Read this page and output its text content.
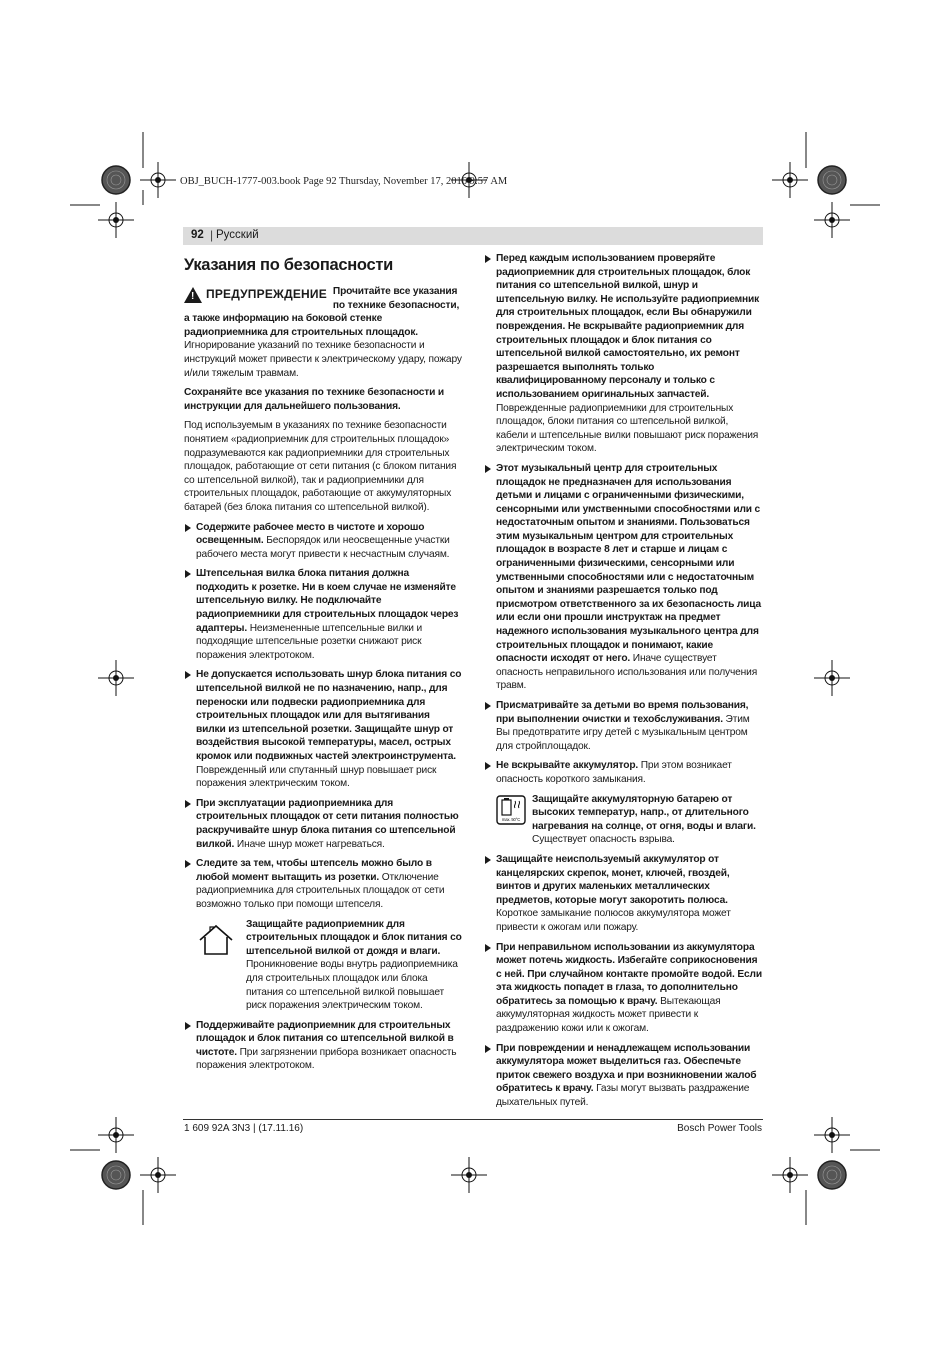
OBJ_BUCH-1777-003.book Page 92 Thursday, November 17, 2016 9:57 AM
92 | Русский
Указания по безопасности
! ПРЕДУПРЕЖДЕНИЕ Прочитайте все указания по технике безопасности, а также информацию на боковой стенке радиоприемника для строительных площадок. Игнорирование указаний по технике безопасности и инструкций может привести к электрическому удару, пожару и/или тяжелым травмам.

Сохраняйте все указания по технике безопасности и инструкции для дальнейшего пользования.

Под используемым в указаниях по технике безопасности понятием «радиоприемник для строительных площадок» подразумеваются как радиоприемники для строительных площадок, работающие от сети питания (с блоком питания со штепсельной вилкой), так и радиоприемники для строительных площадок, работающие от аккумуляторных батарей (без блока питания со штепсельной вилкой).

Содержите рабочее место в чистоте и хорошо освещенным. Беспорядок или неосвещенные участки рабочего места могут привести к несчастным случаям.
Штепсельная вилка блока питания должна подходить к розетке. Ни в коем случае не изменяйте штепсельную вилку. Не подключайте радиоприемники для строительных площадок через адаптеры. Неизмененные штепсельные вилки и подходящие штепсельные розетки снижают риск поражения электротоком.
Не допускается использовать шнур блока питания со штепсельной вилкой не по назначению, напр., для переноски или подвески радиоприемника для строительных площадок или для вытягивания вилки из штепсельной розетки. Защищайте шнур от воздействия высокой температуры, масел, острых кромок или подвижных частей электроинструмента. Поврежденный или спутанный шнур повышает риск поражения электрическим током.
При эксплуатации радиоприемника для строительных площадок от сети питания полностью раскручивайте шнур блока питания со штепсельной вилкой. Иначе шнур может нагреваться.
Следите за тем, чтобы штепсель можно было в любой момент вытащить из розетки. Отключение радиоприемника для строительных площадок от сети возможно только при помощи штепселя.
Защищайте радиоприемник для строительных площадок и блок питания со штепсельной вилкой от дождя и влаги. Проникновение воды внутрь радиоприемника для строительных площадок или блока питания со штепсельной вилкой повышает риск поражения электрическим током.
Поддерживайте радиоприемник для строительных площадок и блок питания со штепсельной вилкой в чистоте. При загрязнении прибора возникает опасность поражения электротоком.
Перед каждым использованием проверяйте радиоприемник для строительных площадок, блок питания со штепсельной вилкой, шнур и штепсельную вилку. Не используйте радиоприемник для строительных площадок, если Вы обнаружили повреждения. Не вскрывайте радиоприемник для строительных площадок и блок питания со штепсельной вилкой самостоятельно, их ремонт разрешается выполнять только квалифицированному персоналу и только с использованием оригинальных запчастей. Поврежденные радиоприемники для строительных площадок, блоки питания со штепсельной вилкой, кабели и штепсельные вилки повышают риск поражения электрическим током.
Этот музыкальный центр для строительных площадок не предназначен для использования детьми и лицами с ограниченными физическими, сенсорными или умственными способностями или с недостаточным опытом и знаниями. Пользоваться этим музыкальным центром для строительных площадок в возрасте 8 лет и старше и лицам с ограниченными физическими, сенсорными или умственными способностями или с недостаточным опытом и знаниями разрешается только под присмотром ответственного за их безопасность лица или если они прошли инструктаж на предмет надежного использования музыкального центра для строительных площадок и понимают, какие опасности исходят от него. Иначе существует опасность неправильного использования или получения травм.
Присматривайте за детьми во время пользования, при выполнении очистки и техобслуживания. Этим Вы предотвратите игру детей с музыкальным центром для стройплощадок.
Не вскрывайте аккумулятор. При этом возникает опасность короткого замыкания.
max. 50°C
Защищайте аккумуляторную батарею от высоких температур, напр., от длительного нагревания на солнце, от огня, воды и влаги. Существует опасность взрыва.
Защищайте неиспользуемый аккумулятор от канцелярских скрепок, монет, ключей, гвоздей, винтов и других маленьких металлических предметов, которые могут закоротить полюса. Короткое замыкание полюсов аккумулятора может привести к ожогам или пожару.
При неправильном использовании из аккумулятора может потечь жидкость. Избегайте соприкосновения с ней. При случайном контакте промойте водой. Если эта жидкость попадет в глаза, то дополнительно обратитесь за помощью к врачу. Вытекающая аккумуляторная жидкость может привести к раздражению кожи или к ожогам.
При повреждении и ненадлежащем использовании аккумулятора может выделиться газ. Обеспечьте приток свежего воздуха и при возникновении жалоб обратитесь к врачу. Газы могут вызвать раздражение дыхательных путей.
1 609 92A 3N3 | (17.11.16)	Bosch Power Tools
